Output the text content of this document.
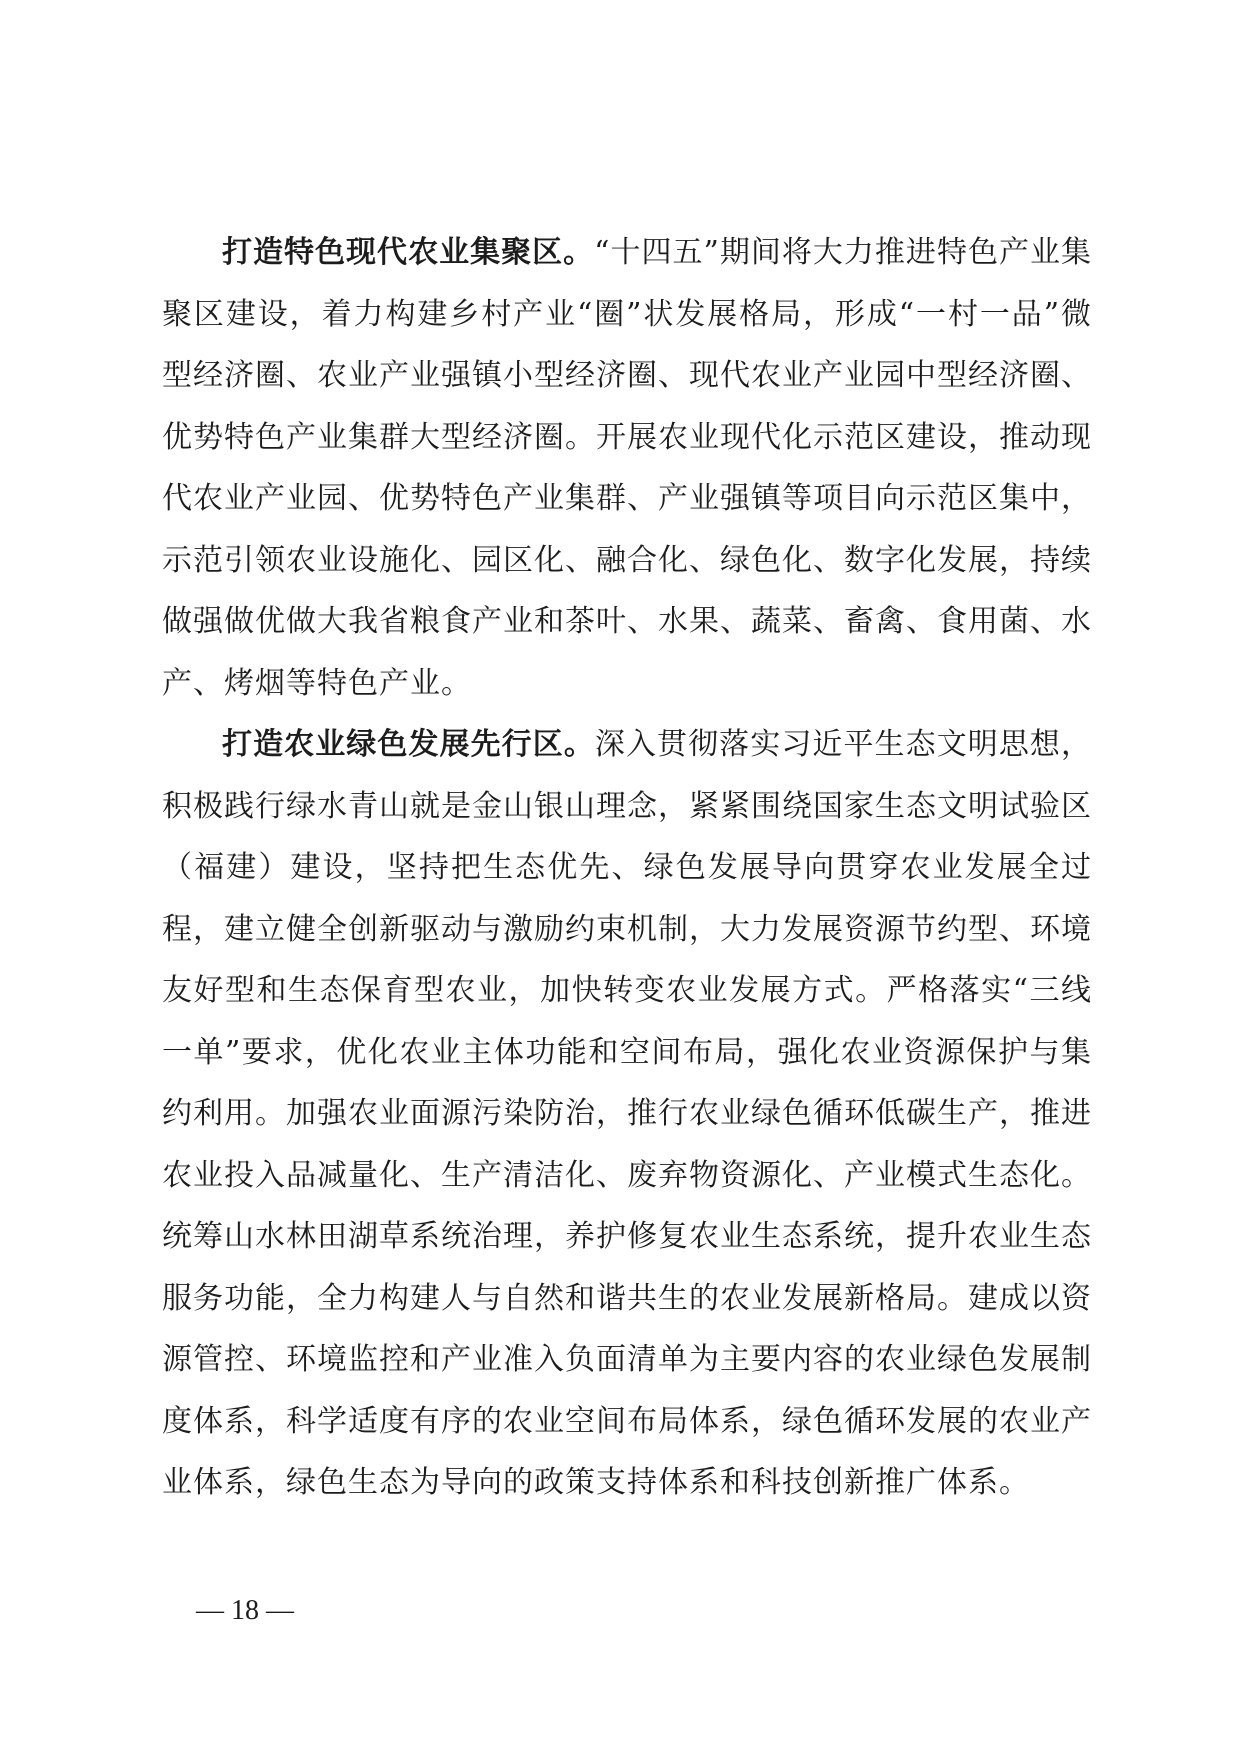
打造特色现代农业集聚区。“十四五”期间将大力推进特色产业集聚区建设，着力构建乡村产业“圈”状发展格局，形成“一村一品”微型经济圈、农业产业强镇小型经济圈、现代农业产业园中型经济圈、优势特色产业集群大型经济圈。开展农业现代化示范区建设，推动现代农业产业园、优势特色产业集群、产业强镇等项目向示范区集中，示范引领农业设施化、园区化、融合化、绿色化、数字化发展，持续做强做优做大我省粮食产业和茶叶、水果、蔬菜、畜禽、食用菌、水产、烤烟等特色产业。

打造农业绿色发展先行区。深入贯彻落实习近平生态文明思想，积极践行绿水青山就是金山银山理念，紧紧围绕国家生态文明试验区（福建）建设，坚持把生态优先、绿色发展导向贯穿农业发展全过程，建立健全创新驱动与激励约束机制，大力发展资源节约型、环境友好型和生态保育型农业，加快转变农业发展方式。严格落实“三线一单”要求，优化农业主体功能和空间布局，强化农业资源保护与集约利用。加强农业面源污染防治，推行农业绿色循环低碳生产，推进农业投入品减量化、生产清洁化、废弃物资源化、产业模式生态化。统筹山水林田湖草系统治理，养护修复农业生态系统，提升农业生态服务功能，全力构建人与自然和谐共生的农业发展新格局。建成以资源管控、环境监控和产业准入负面清单为主要内容的农业绿色发展制度体系，科学适度有序的农业空间布局体系，绿色循环发展的农业产业体系，绿色生态为导向的政策支持体系和科技创新推广体系。

— 18 —
